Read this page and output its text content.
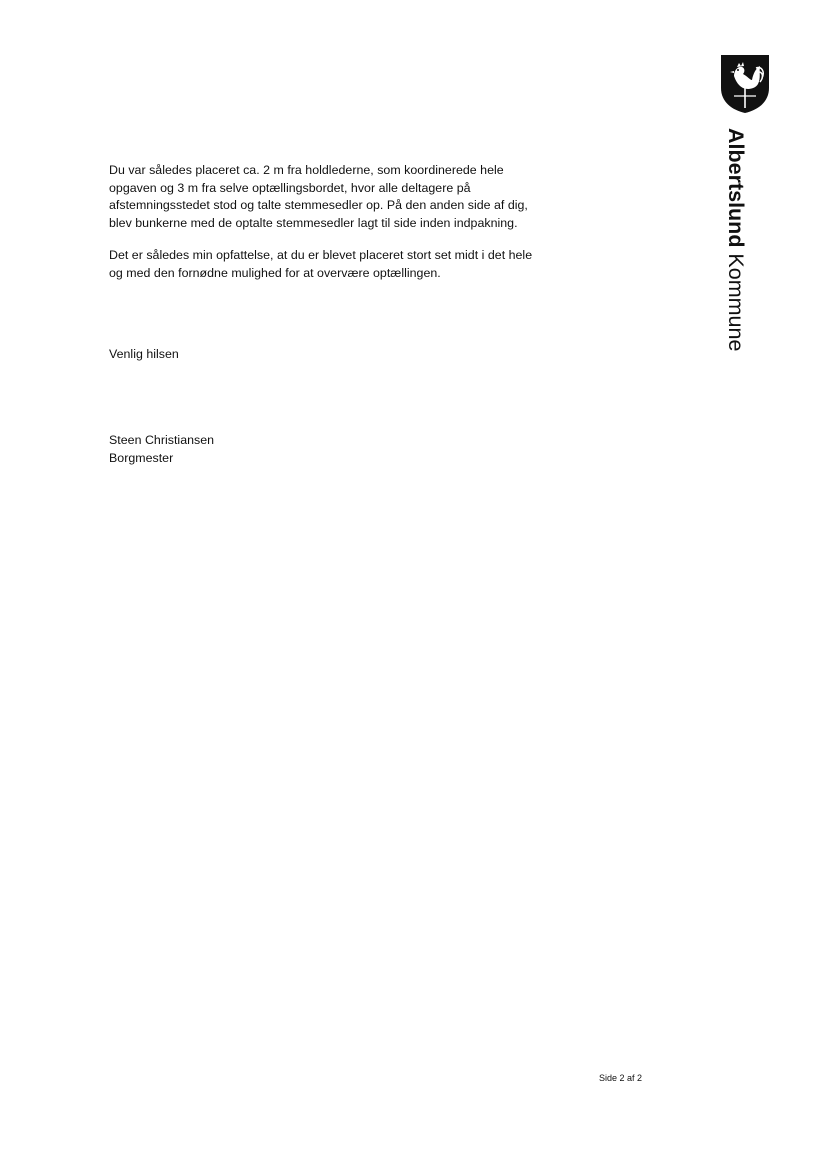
Albertslund Kommune

Du var således placeret ca. 2 m fra holdlederne, som koordinerede hele
opgaven og 3 m fra selve optællingsbordet, hvor alle deltagere på
afstemningsstedet stod og talte stemmesedler op. På den anden side af dig,
blev bunkerne med de optalte stemmesedler lagt til side inden indpakning.

Det er således min opfattelse, at du er blevet placeret stort set midt i det hele
og med den fornødne mulighed for at overvære optællingen.

Venlig hilsen

Steen Christiansen
Borgmester

Side 2 af 2
